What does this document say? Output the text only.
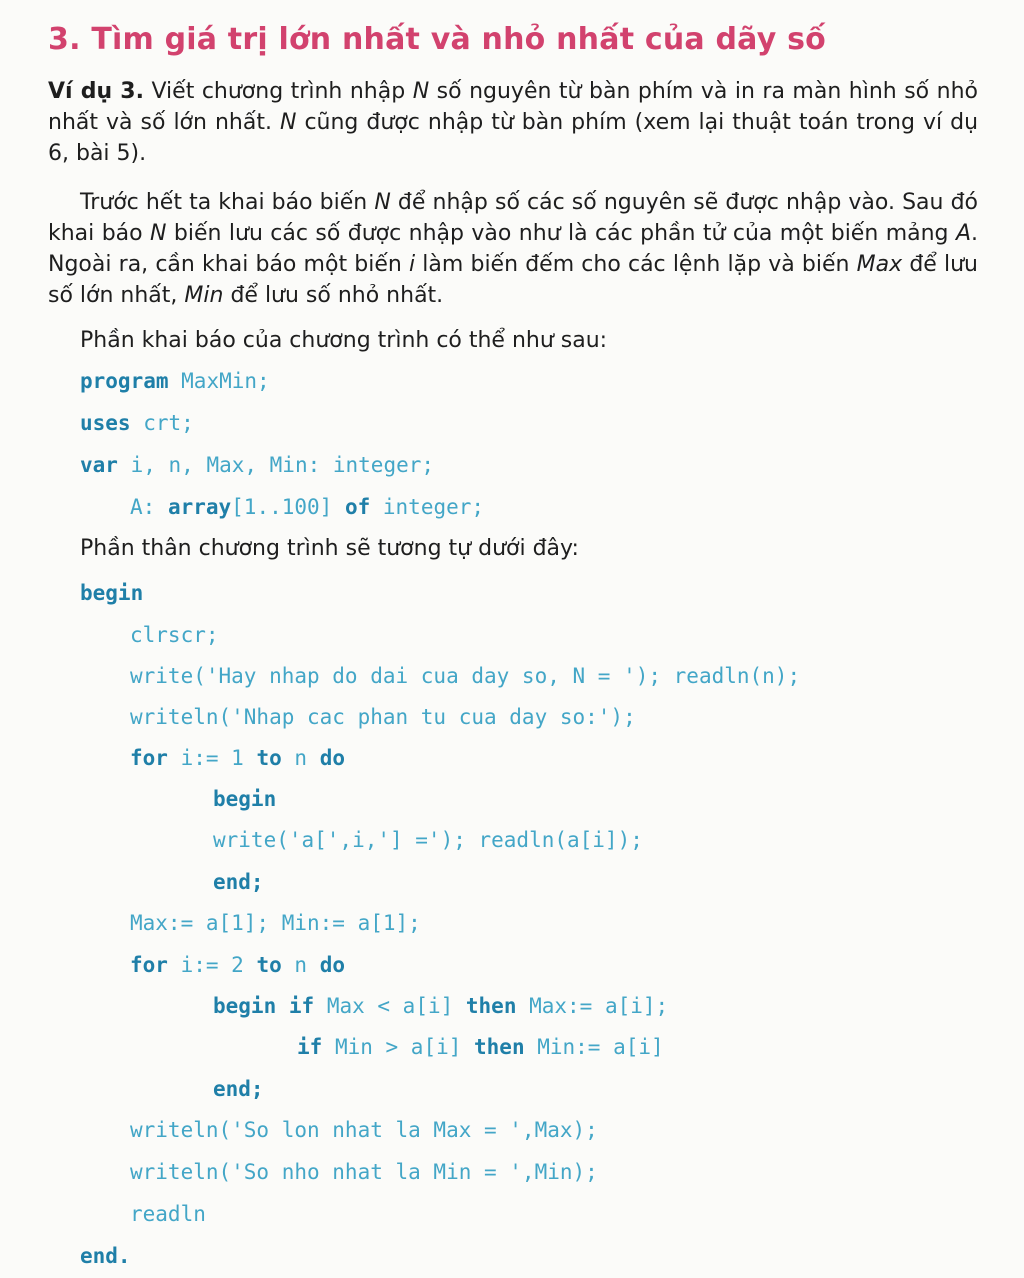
3. Tìm giá trị lớn nhất và nhỏ nhất của dãy số
Ví dụ 3. Viết chương trình nhập N số nguyên từ bàn phím và in ra màn hình số nhỏ nhất và số lớn nhất. N cũng được nhập từ bàn phím (xem lại thuật toán trong ví dụ 6, bài 5).
Trước hết ta khai báo biến N để nhập số các số nguyên sẽ được nhập vào. Sau đó khai báo N biến lưu các số được nhập vào như là các phần tử của một biến mảng A. Ngoài ra, cần khai báo một biến i làm biến đếm cho các lệnh lặp và biến Max để lưu số lớn nhất, Min để lưu số nhỏ nhất.
Phần khai báo của chương trình có thể như sau:
program MaxMin;
uses crt;
var i, n, Max, Min: integer;
A: array[1..100] of integer;
Phần thân chương trình sẽ tương tự dưới đây:
begin
clrscr;
write('Hay nhap do dai cua day so, N = '); readln(n);
writeln('Nhap cac phan tu cua day so:');
for i:= 1 to n do
begin
write('a[',i,'] ='); readln(a[i]);
end;
Max:= a[1]; Min:= a[1];
for i:= 2 to n do
begin if Max < a[i] then Max:= a[i];
if Min > a[i] then Min:= a[i]
end;
writeln('So lon nhat la Max = ',Max);
writeln('So nho nhat la Min = ',Min);
readln
end.
